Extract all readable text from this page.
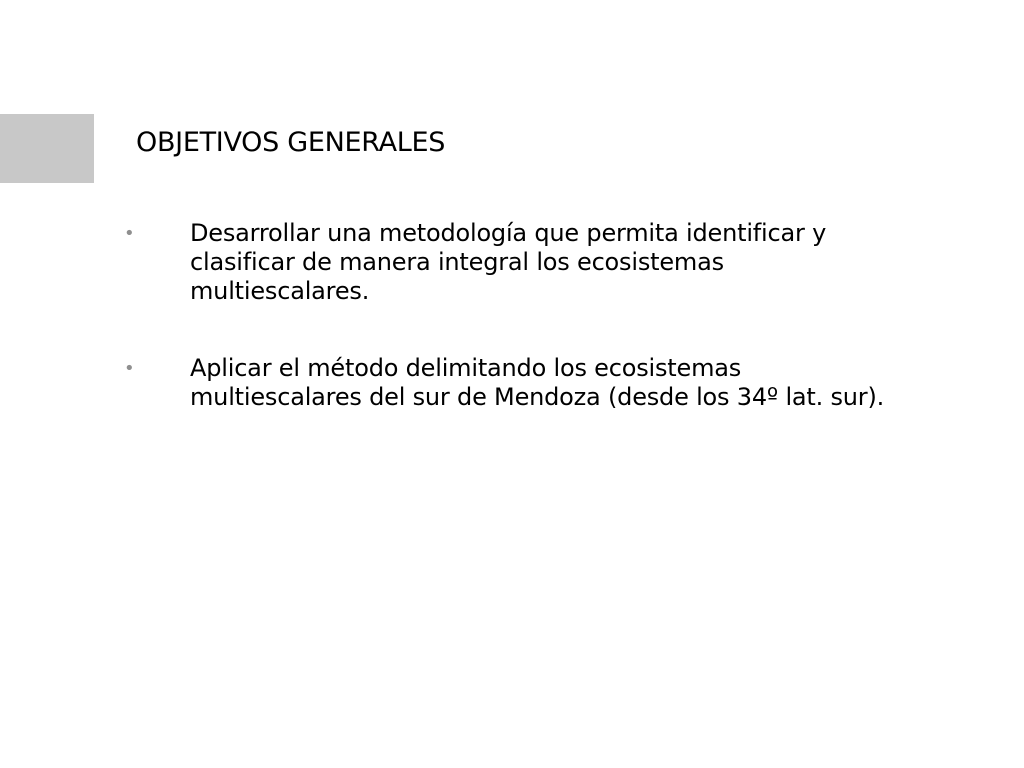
OBJETIVOS GENERALES
• Desarrollar una metodología que permita identificar y clasificar de manera integral los ecosistemas multiescalares.
• Aplicar el método delimitando los ecosistemas multiescalares del sur de Mendoza (desde los 34º lat. sur).
